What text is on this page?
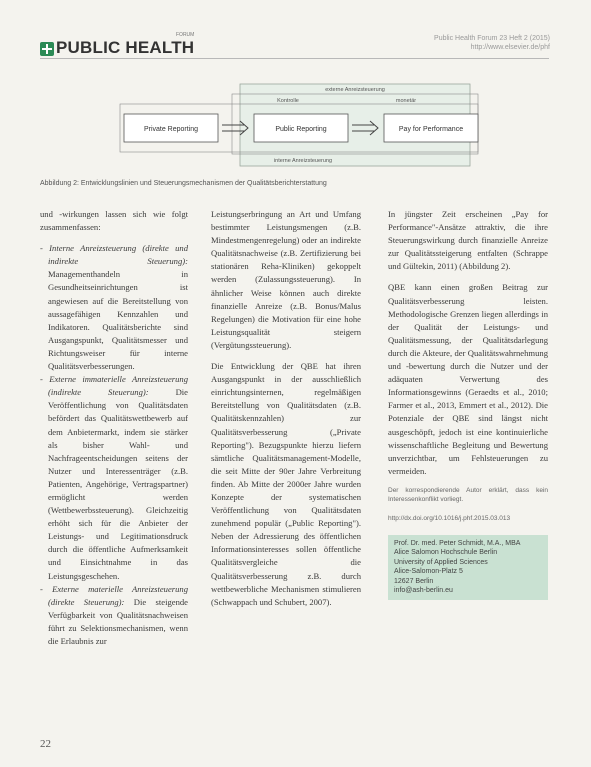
PUBLIC HEALTH
FORUM	Public Health Forum 23 Heft 2 (2015)
http://www.elsevier.de/phf
externe Anreizsteuerung
Kontrolle	monetär
interne Anreizsteuerung
Private Reporting	Public Reporting	Pay for Performance
Abbildung 2: Entwicklungslinien und Steuerungsmechanismen der Qualitätsberichterstattung

und -wirkungen lassen sich wie folgt zusammenfassen:

- Interne Anreizsteuerung (direkte und indirekte Steuerung): Managementhandeln in Gesundheitseinrichtungen ist angewiesen auf die Bereitstellung von aussagefähigen Kennzahlen und Indikatoren. Qualitätsberichte sind Ausgangspunkt, Qualitätsmesser und Richtungsweiser für interne Qualitätsverbesserungen.
- Externe immaterielle Anreizsteuerung (indirekte Steuerung): Die Veröffentlichung von Qualitätsdaten befördert das Qualitätswettbewerb auf dem Anbietermarkt, indem sie stärker als bisher Wahl- und Nachfrageentscheidungen seitens der Nutzer und Interessenträger (z.B. Patienten, Angehörige, Vertragspartner) ermöglicht werden (Wettbewerbssteuerung). Gleichzeitig erhöht sich für die Anbieter der Leistungs- und Legitimationsdruck durch die öffentliche Aufmerksamkeit und Einsichtnahme in das Leistungsgeschehen.
- Externe materielle Anreizsteuerung (direkte Steuerung): Die steigende Verfügbarkeit von Qualitätsnachweisen führt zu Selektionsmechanismen, wenn die Erlaubnis zur

Leistungserbringung an Art und Umfang bestimmter Leistungsmengen (z.B. Mindestmengenregelung) oder an indirekte Qualitätsnachweise (z.B. Zertifizierung bei stationären Reha-Kliniken) gekoppelt werden (Zulassungssteuerung). In ähnlicher Weise können auch direkte finanzielle Anreize (z.B. Bonus/Malus Regelungen) die Motivation für eine hohe Leistungsqualität steigern (Vergütungssteuerung).

Die Entwicklung der QBE hat ihren Ausgangspunkt in der ausschließlich einrichtungsinternen, regelmäßigen Bereitstellung von Qualitätsdaten (z.B. Qualitätskennzahlen) zur Qualitätsverbesserung („Private Reporting"). Bezugspunkte hierzu liefern sämtliche Qualitätsmanagement-Modelle, die seit Mitte der 90er Jahre Verbreitung finden. Ab Mitte der 2000er Jahre wurden Konzepte der systematischen Veröffentlichung von Qualitätsdaten zunehmend populär („Public Reporting"). Neben der Adressierung des öffentlichen Informationsinteresses sollen öffentliche Qualitätsvergleiche die Qualitätsverbesserung z.B. durch wettbewerbliche Mechanismen stimulieren (Schwappach und Schubert, 2007).

In jüngster Zeit erscheinen „Pay for Performance"-Ansätze attraktiv, die ihre Steuerungswirkung durch finanzielle Anreize zur Qualitätssteigerung entfalten (Schrappe und Gültekin, 2011) (Abbildung 2).

QBE kann einen großen Beitrag zur Qualitätsverbesserung leisten. Methodologische Grenzen liegen allerdings in der Qualität der Leistungs- und Qualitätsmessung, der Qualitätsdarlegung durch die Akteure, der Qualitätswahrnehmung und -bewertung durch die Nutzer und der adäquaten Verwertung des Informationsgewinns (Geraedts et al., 2010; Farmer et al., 2013, Emmert et al., 2012). Die Potenziale der QBE sind längst nicht ausgeschöpft, jedoch ist eine kontinuierliche wissenschaftliche Begleitung und Bewertung unverzichtbar, um Fehlsteuerungen zu vermeiden.

Der korrespondierende Autor erklärt, dass kein Interessenkonflikt vorliegt.
http://dx.doi.org/10.1016/j.phf.2015.03.013
Prof. Dr. med. Peter Schmidt, M.A., MBA
Alice Salomon Hochschule Berlin
University of Applied Sciences
Alice-Salomon-Platz 5
12627 Berlin
info@ash-berlin.eu
22
